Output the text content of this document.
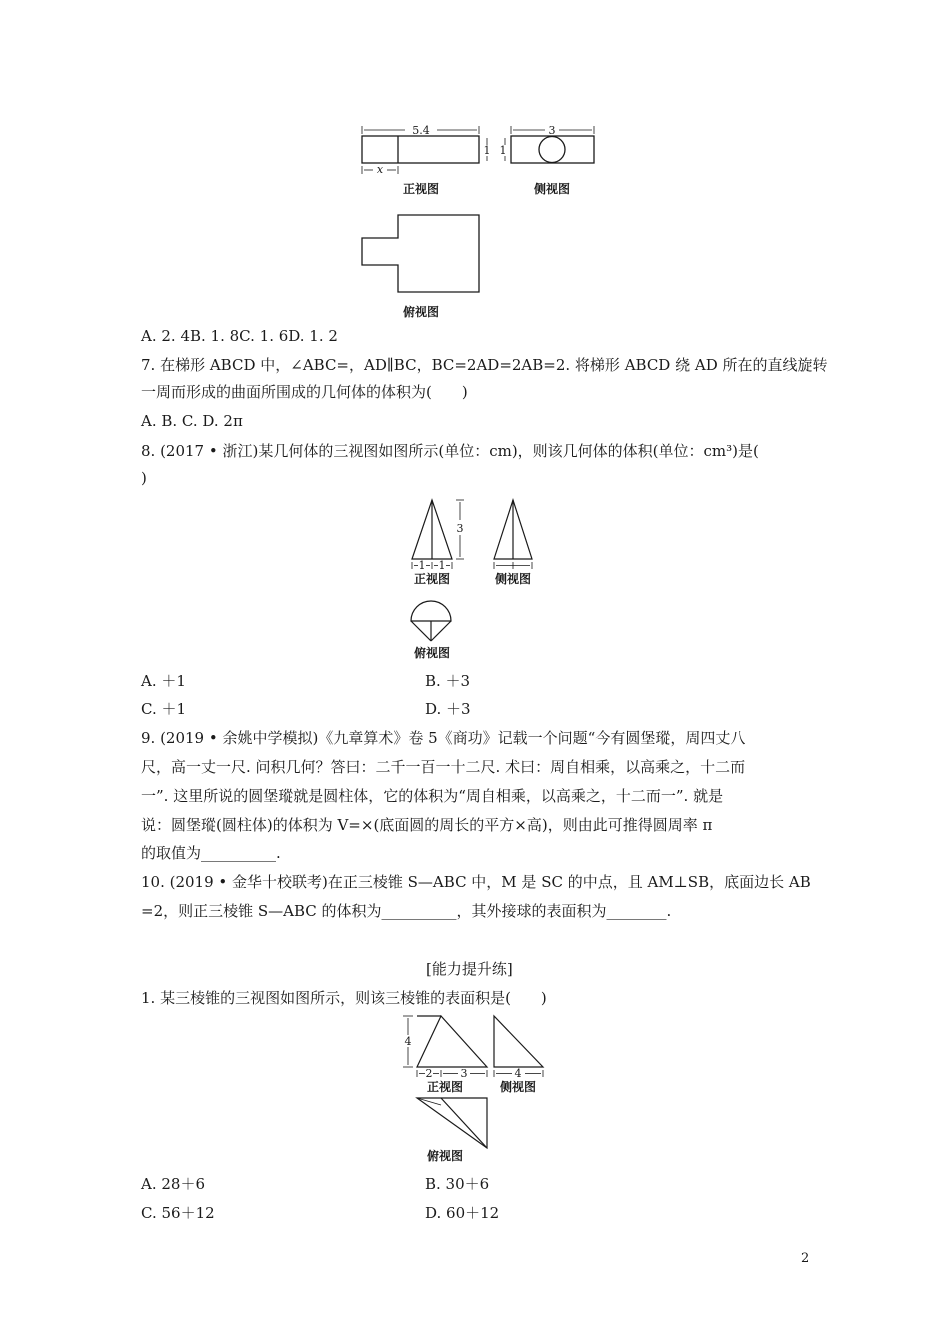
5.4
1
x
正视图
3
1
侧视图
俯视图
A. 2. 4B. 1. 8C. 1. 6D. 1. 2
7. 在梯形 ABCD 中，∠ABC=，AD∥BC，BC=2AD=2AB=2. 将梯形 ABCD 绕 AD 所在的直线旋转
一周而形成的曲面所围成的几何体的体积为(　　)
A. B. C. D. 2π
8. (2017 • 浙江)某几何体的三视图如图所示(单位：cm)，则该几何体的体积(单位：cm³)是(
)
3
1 1
正视图	侧视图
俯视图
A. ＋1	B. ＋3
C. ＋1	D. ＋3
9. (2019 • 余姚中学模拟)《九章算术》卷 5《商功》记载一个问题“今有圆堡瑽，周四丈八
尺，高一丈一尺. 问积几何？答曰：二千一百一十二尺. 术曰：周自相乘，以高乘之，十二而
一”. 这里所说的圆堡瑽就是圆柱体，它的体积为“周自相乘，以高乘之，十二而一”. 就是
说：圆堡瑽(圆柱体)的体积为 V=×(底面圆的周长的平方×高)，则由此可推得圆周率 π
的取值为__________.
10. (2019 • 金华十校联考)在正三棱锥 S—ABC 中，M 是 SC 的中点，且 AM⊥SB，底面边长 AB
=2，则正三棱锥 S—ABC 的体积为__________，其外接球的表面积为________.
[能力提升练]
1. 某三棱锥的三视图如图所示，则该三棱锥的表面积是(　　)
4
2	3
正视图
4
侧视图
俯视图
A. 28＋6	B. 30＋6
C. 56＋12	D. 60＋12
2
